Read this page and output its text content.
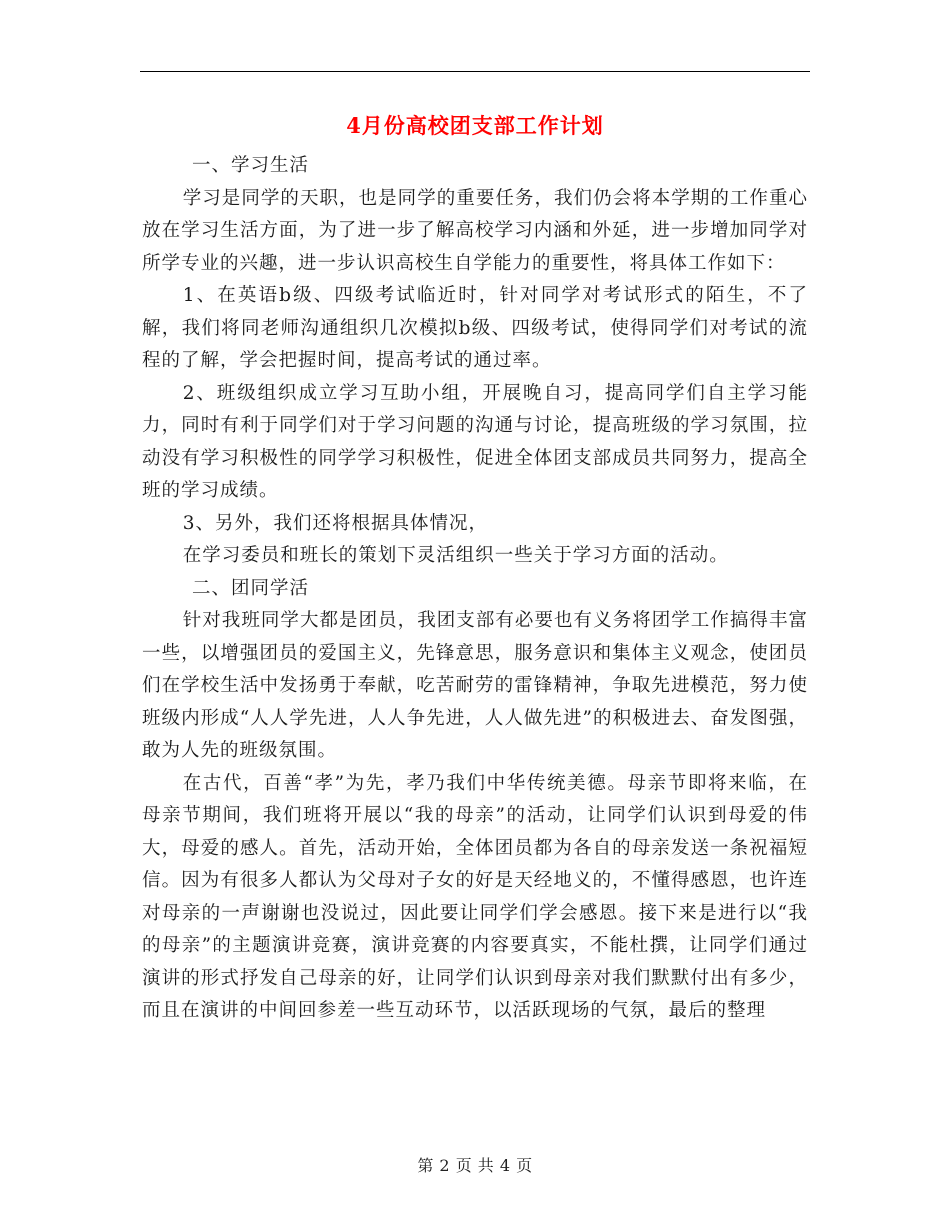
4月份高校团支部工作计划

一、学习生活

学习是同学的天职，也是同学的重要任务，我们仍会将本学期的工作重心放在学习生活方面，为了进一步了解高校学习内涵和外延，进一步增加同学对所学专业的兴趣，进一步认识高校生自学能力的重要性，将具体工作如下：

1、在英语b级、四级考试临近时，针对同学对考试形式的陌生，不了解，我们将同老师沟通组织几次模拟b级、四级考试，使得同学们对考试的流程的了解，学会把握时间，提高考试的通过率。

2、班级组织成立学习互助小组，开展晚自习，提高同学们自主学习能力，同时有利于同学们对于学习问题的沟通与讨论，提高班级的学习氛围，拉动没有学习积极性的同学学习积极性，促进全体团支部成员共同努力，提高全班的学习成绩。

3、另外，我们还将根据具体情况，

在学习委员和班长的策划下灵活组织一些关于学习方面的活动。

二、团同学活

针对我班同学大都是团员，我团支部有必要也有义务将团学工作搞得丰富一些，以增强团员的爱国主义，先锋意思，服务意识和集体主义观念，使团员们在学校生活中发扬勇于奉献，吃苦耐劳的雷锋精神，争取先进模范，努力使班级内形成“人人学先进，人人争先进，人人做先进”的积极进去、奋发图强，敢为人先的班级氛围。

在古代，百善“孝”为先，孝乃我们中华传统美德。母亲节即将来临，在母亲节期间，我们班将开展以“我的母亲”的活动，让同学们认识到母爱的伟大，母爱的感人。首先，活动开始，全体团员都为各自的母亲发送一条祝福短信。因为有很多人都认为父母对子女的好是天经地义的，不懂得感恩，也许连对母亲的一声谢谢也没说过，因此要让同学们学会感恩。接下来是进行以“我的母亲”的主题演讲竞赛，演讲竞赛的内容要真实，不能杜撰，让同学们通过演讲的形式抒发自己母亲的好，让同学们认识到母亲对我们默默付出有多少，而且在演讲的中间回参差一些互动环节，以活跃现场的气氛，最后的整理

第 2 页 共 4 页
